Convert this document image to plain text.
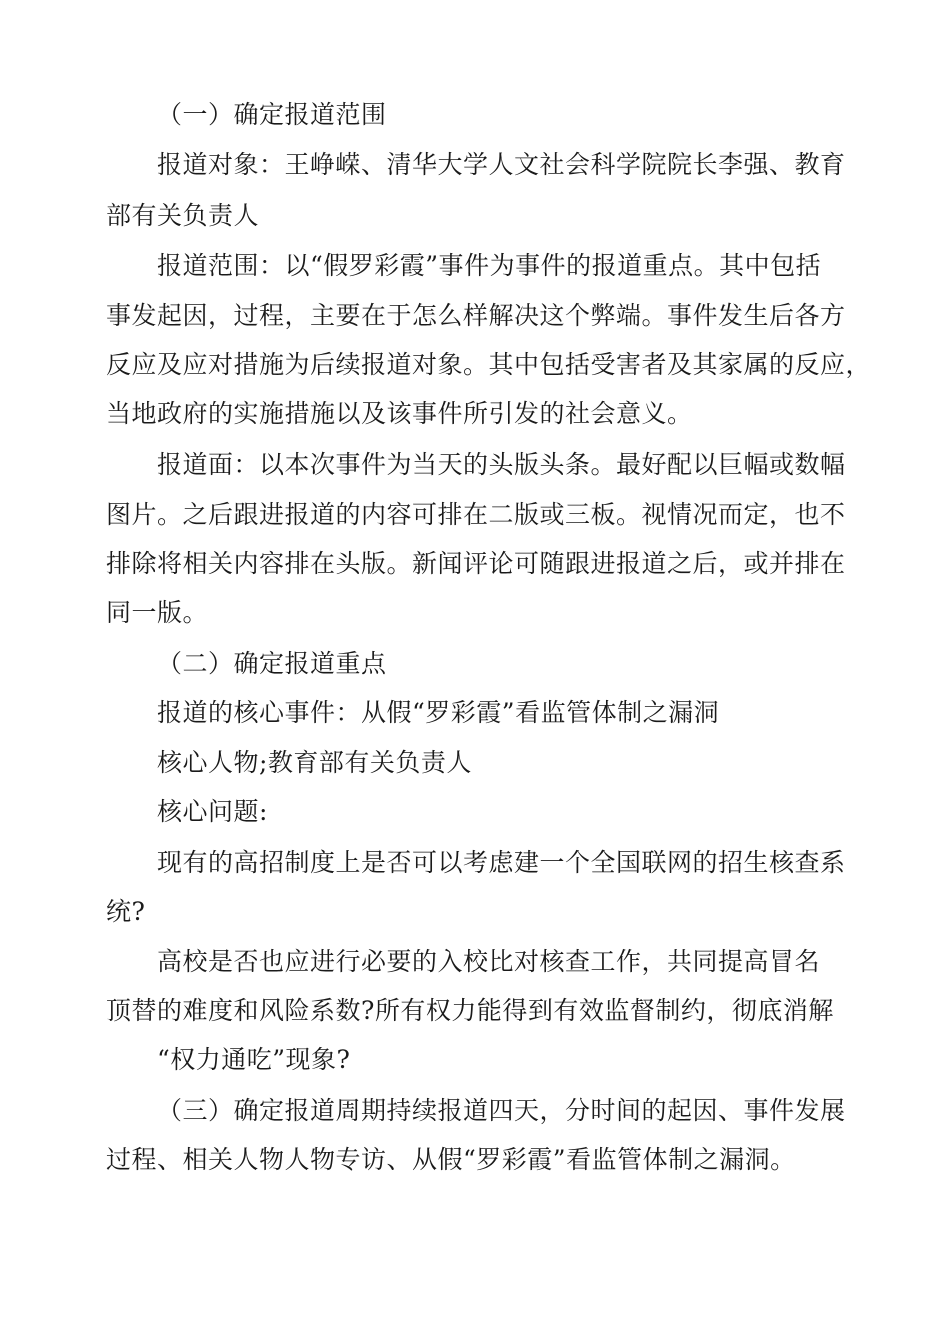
（一）确定报道范围
报道对象：王峥嵘、清华大学人文社会科学院院长李强、教育
部有关负责人
报道范围：以“假罗彩霞”事件为事件的报道重点。其中包括
事发起因，过程，主要在于怎么样解决这个弊端。事件发生后各方
反应及应对措施为后续报道对象。其中包括受害者及其家属的反应，
当地政府的实施措施以及该事件所引发的社会意义。
报道面：以本次事件为当天的头版头条。最好配以巨幅或数幅
图片。之后跟进报道的内容可排在二版或三板。视情况而定，也不
排除将相关内容排在头版。新闻评论可随跟进报道之后，或并排在
同一版。
（二）确定报道重点
报道的核心事件：从假“罗彩霞”看监管体制之漏洞
核心人物;教育部有关负责人
核心问题:
现有的高招制度上是否可以考虑建一个全国联网的招生核查系
统?
高校是否也应进行必要的入校比对核查工作，共同提高冒名
顶替的难度和风险系数?所有权力能得到有效监督制约，彻底消解
“权力通吃”现象?
（三）确定报道周期持续报道四天，分时间的起因、事件发展
过程、相关人物人物专访、从假“罗彩霞”看监管体制之漏洞。
